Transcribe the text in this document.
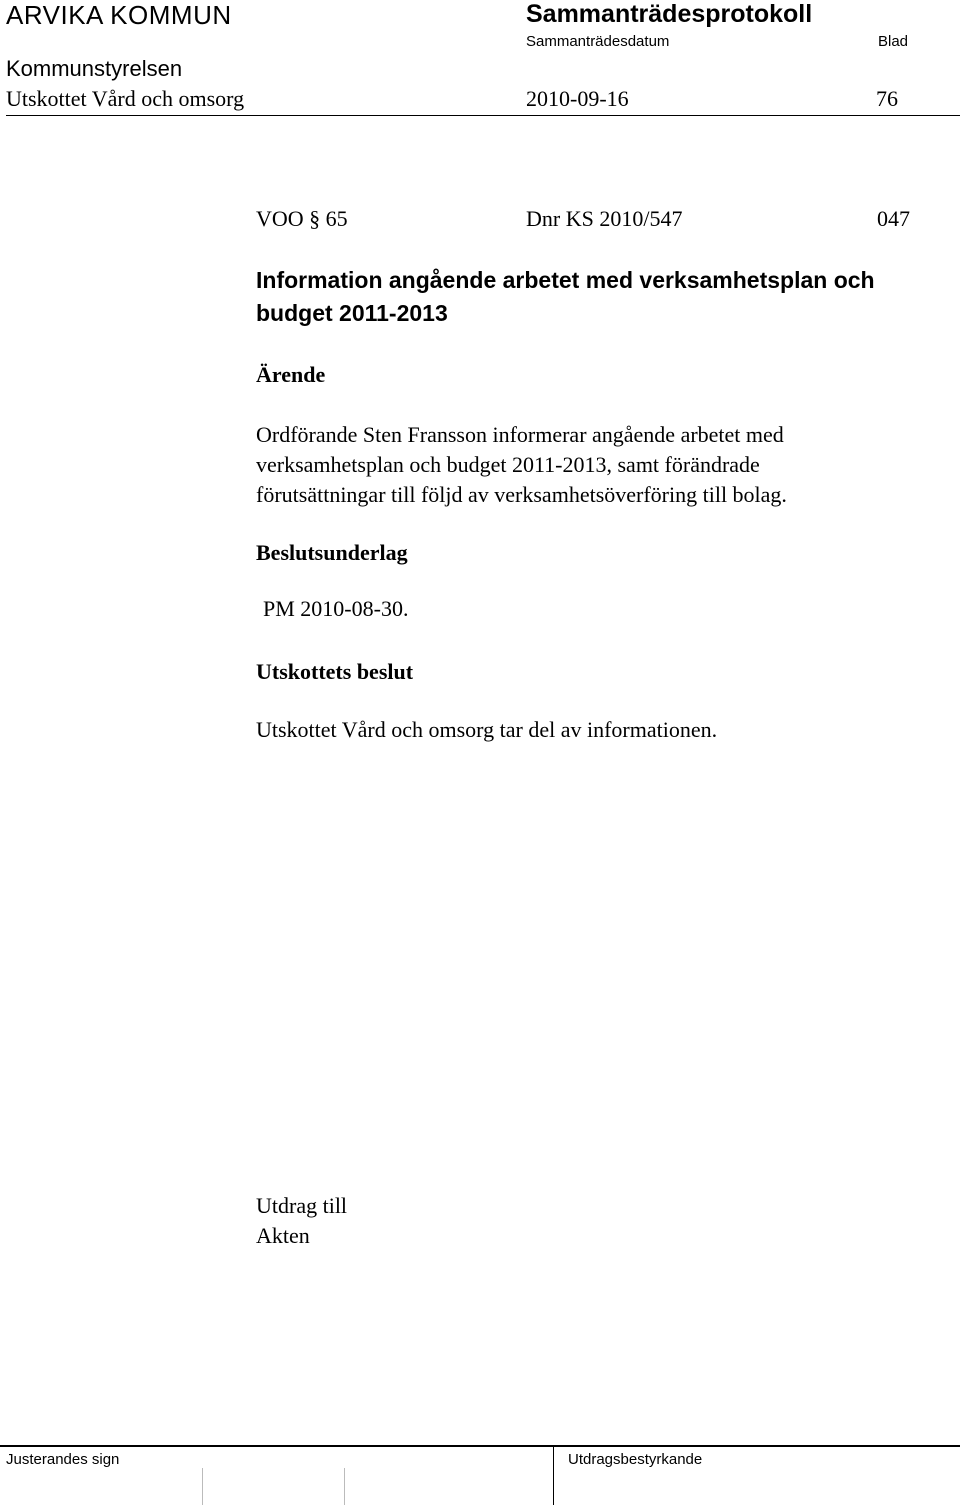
ARVIKA KOMMUN	Sammanträdesprotokoll
Sammanträdesdatum	Blad
Kommunstyrelsen
Utskottet Vård och omsorg	2010-09-16	76
VOO § 65	Dnr KS 2010/547	047
Information angående arbetet med verksamhetsplan och budget 2011-2013
Ärende
Ordförande Sten Fransson informerar angående arbetet med
verksamhetsplan och budget 2011-2013, samt förändrade
förutsättningar till följd av verksamhetsöverföring till bolag.
Beslutsunderlag
PM 2010-08-30.
Utskottets beslut
Utskottet Vård och omsorg tar del av informationen.
Utdrag till
Akten
Justerandes sign	Utdragsbestyrkande
